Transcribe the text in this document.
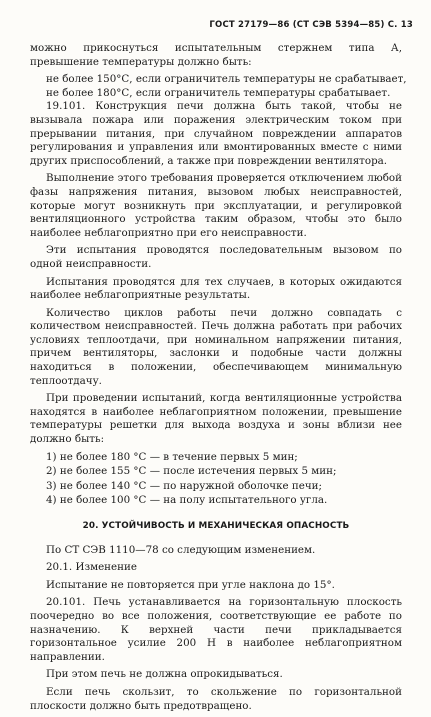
ГОСТ 27179—86 (СТ СЭВ 5394—85) С. 13

можно прикоснуться испытательным стержнем типа А, превышение температуры должно быть:

не более 150°С, если ограничитель температуры не срабатывает,

не более 180°С, если ограничитель температуры срабатывает.

19.101. Конструкция печи должна быть такой, чтобы не вызывала пожара или поражения электрическим током при прерывании питания, при случайном повреждении аппаратов регулирования и управления или вмонтированных вместе с ними других приспособлений, а также при повреждении вентилятора.

Выполнение этого требования проверяется отключением любой фазы напряжения питания, вызовом любых неисправностей, которые могут возникнуть при эксплуатации, и регулировкой вентиляционного устройства таким образом, чтобы это было наиболее неблагоприятно при его неисправности.

Эти испытания проводятся последовательным вызовом по одной неисправности.

Испытания проводятся для тех случаев, в которых ожидаются наиболее неблагоприятные результаты.

Количество циклов работы печи должно совпадать с количеством неисправностей. Печь должна работать при рабочих условиях теплоотдачи, при номинальном напряжении питания, причем вентиляторы, заслонки и подобные части должны находиться в положении, обеспечивающем минимальную теплоотдачу.

При проведении испытаний, когда вентиляционные устройства находятся в наиболее неблагоприятном положении, превышение температуры решетки для выхода воздуха и зоны вблизи нее должно быть:

1) не более 180 °С — в течение первых 5 мин;

2) не более 155 °С — после истечения первых 5 мин;

3) не более 140 °С — по наружной оболочке печи;

4) не более 100 °С — на полу испытательного угла.

20. УСТОЙЧИВОСТЬ И МЕХАНИЧЕСКАЯ ОПАСНОСТЬ

По СТ СЭВ 1110—78 со следующим изменением.

20.1. Изменение

Испытание не повторяется при угле наклона до 15°.

20.101. Печь устанавливается на горизонтальную плоскость поочередно во все положения, соответствующие ее работе по назначению. К верхней части печи прикладывается горизонтальное усилие 200 Н в наиболее неблагоприятном направлении.

При этом печь не должна опрокидываться.

Если печь скользит, то скольжение по горизонтальной плоскости должно быть предотвращено.
